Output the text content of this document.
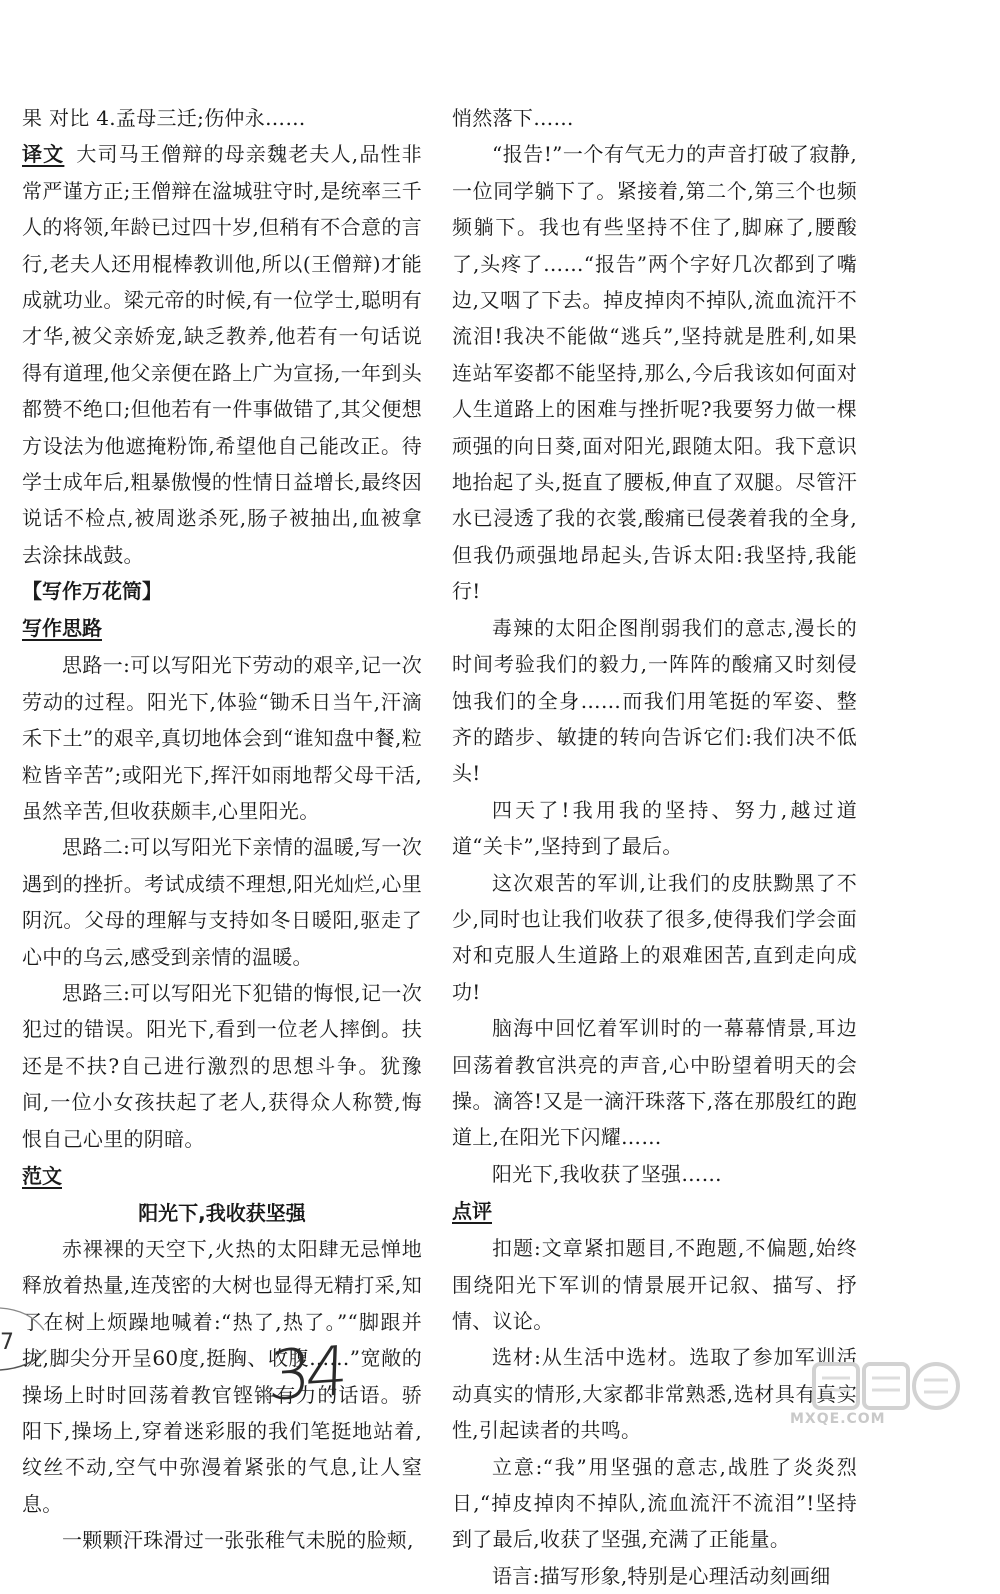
果 对比 4.孟母三迁;伤仲永……

译文 大司马王僧辩的母亲魏老夫人,品性非常严谨方正;王僧辩在湓城驻守时,是统率三千人的将领,年龄已过四十岁,但稍有不合意的言行,老夫人还用棍棒教训他,所以(王僧辩)才能成就功业。梁元帝的时候,有一位学士,聪明有才华,被父亲娇宠,缺乏教养,他若有一句话说得有道理,他父亲便在路上广为宣扬,一年到头都赞不绝口;但他若有一件事做错了,其父便想方设法为他遮掩粉饰,希望他自己能改正。待学士成年后,粗暴傲慢的性情日益增长,最终因说话不检点,被周逖杀死,肠子被抽出,血被拿去涂抹战鼓。

【写作万花筒】
写作思路

思路一:可以写阳光下劳动的艰辛,记一次劳动的过程。阳光下,体验“锄禾日当午,汗滴禾下土”的艰辛,真切地体会到“谁知盘中餐,粒粒皆辛苦”;或阳光下,挥汗如雨地帮父母干活,虽然辛苦,但收获颇丰,心里阳光。

思路二:可以写阳光下亲情的温暖,写一次遇到的挫折。考试成绩不理想,阳光灿烂,心里阴沉。父母的理解与支持如冬日暖阳,驱走了心中的乌云,感受到亲情的温暖。

思路三:可以写阳光下犯错的悔恨,记一次犯过的错误。阳光下,看到一位老人摔倒。扶还是不扶?自己进行激烈的思想斗争。犹豫间,一位小女孩扶起了老人,获得众人称赞,悔恨自己心里的阴暗。

范文
阳光下,我收获坚强

赤裸裸的天空下,火热的太阳肆无忌惮地释放着热量,连茂密的大树也显得无精打采,知了在树上烦躁地喊着:“热了,热了。”“脚跟并拢,脚尖分开呈60度,挺胸、收腹……”宽敞的操场上时时回荡着教官铿锵有力的话语。骄阳下,操场上,穿着迷彩服的我们笔挺地站着,纹丝不动,空气中弥漫着紧张的气息,让人窒息。

一颗颗汗珠滑过一张张稚气未脱的脸颊,

悄然落下……

“报告!”一个有气无力的声音打破了寂静,一位同学躺下了。紧接着,第二个,第三个也频频躺下。我也有些坚持不住了,脚麻了,腰酸了,头疼了……“报告”两个字好几次都到了嘴边,又咽了下去。掉皮掉肉不掉队,流血流汗不流泪!我决不能做“逃兵”,坚持就是胜利,如果连站军姿都不能坚持,那么,今后我该如何面对人生道路上的困难与挫折呢?我要努力做一棵顽强的向日葵,面对阳光,跟随太阳。我下意识地抬起了头,挺直了腰板,伸直了双腿。尽管汗水已浸透了我的衣裳,酸痛已侵袭着我的全身,但我仍顽强地昂起头,告诉太阳:我坚持,我能行!

毒辣的太阳企图削弱我们的意志,漫长的时间考验我们的毅力,一阵阵的酸痛又时刻侵蚀我们的全身……而我们用笔挺的军姿、整齐的踏步、敏捷的转向告诉它们:我们决不低头!

四天了!我用我的坚持、努力,越过道道“关卡”,坚持到了最后。

这次艰苦的军训,让我们的皮肤黝黑了不少,同时也让我们收获了很多,使得我们学会面对和克服人生道路上的艰难困苦,直到走向成功!

脑海中回忆着军训时的一幕幕情景,耳边回荡着教官洪亮的声音,心中盼望着明天的会操。滴答!又是一滴汗珠落下,落在那殷红的跑道上,在阳光下闪耀……

阳光下,我收获了坚强……

点评

扣题:文章紧扣题目,不跑题,不偏题,始终围绕阳光下军训的情景展开记叙、描写、抒情、议论。

选材:从生活中选材。选取了参加军训活动真实的情形,大家都非常熟悉,选材具有真实性,引起读者的共鸣。

立意:“我”用坚强的意志,战胜了炎炎烈日,“掉皮掉肉不掉队,流血流汗不流泪”!坚持到了最后,收获了坚强,充满了正能量。

语言:描写形象,特别是心理活动刻画细

7	34
MXQE.COM
